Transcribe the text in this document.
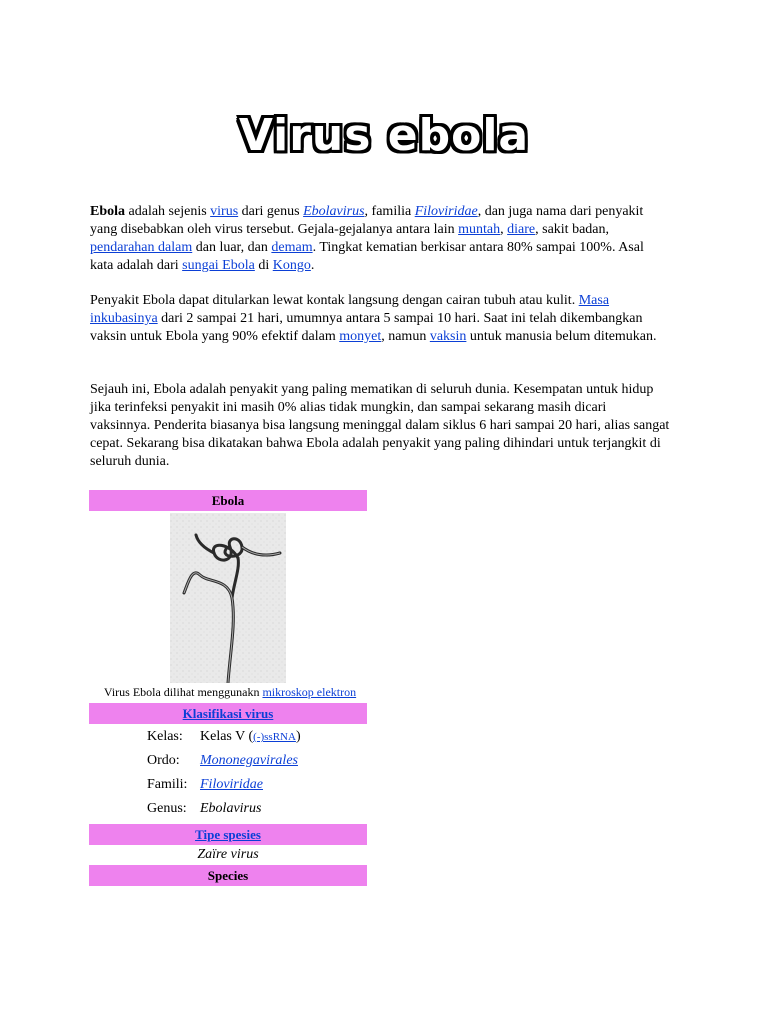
Virus ebola
Ebola adalah sejenis virus dari genus Ebolavirus, familia Filoviridae, dan juga nama dari penyakit yang disebabkan oleh virus tersebut. Gejala-gejalanya antara lain muntah, diare, sakit badan, pendarahan dalam dan luar, dan demam. Tingkat kematian berkisar antara 80% sampai 100%. Asal kata adalah dari sungai Ebola di Kongo.
Penyakit Ebola dapat ditularkan lewat kontak langsung dengan cairan tubuh atau kulit. Masa inkubasinya dari 2 sampai 21 hari, umumnya antara 5 sampai 10 hari. Saat ini telah dikembangkan vaksin untuk Ebola yang 90% efektif dalam monyet, namun vaksin untuk manusia belum ditemukan.
Sejauh ini, Ebola adalah penyakit yang paling mematikan di seluruh dunia. Kesempatan untuk hidup jika terinfeksi penyakit ini masih 0% alias tidak mungkin, dan sampai sekarang masih dicari vaksinnya. Penderita biasanya bisa langsung meninggal dalam siklus 6 hari sampai 20 hari, alias sangat cepat. Sekarang bisa dikatakan bahwa Ebola adalah penyakit yang paling dihindari untuk terjangkit di seluruh dunia.
Ebola
Virus Ebola dilihat menggunakn mikroskop elektron
Klasifikasi virus
Kelas:	Kelas V ((-)ssRNA)
Ordo:	Mononegavirales
Famili: Filoviridae
Genus: Ebolavirus
Tipe spesies
Zaïre virus
Species
